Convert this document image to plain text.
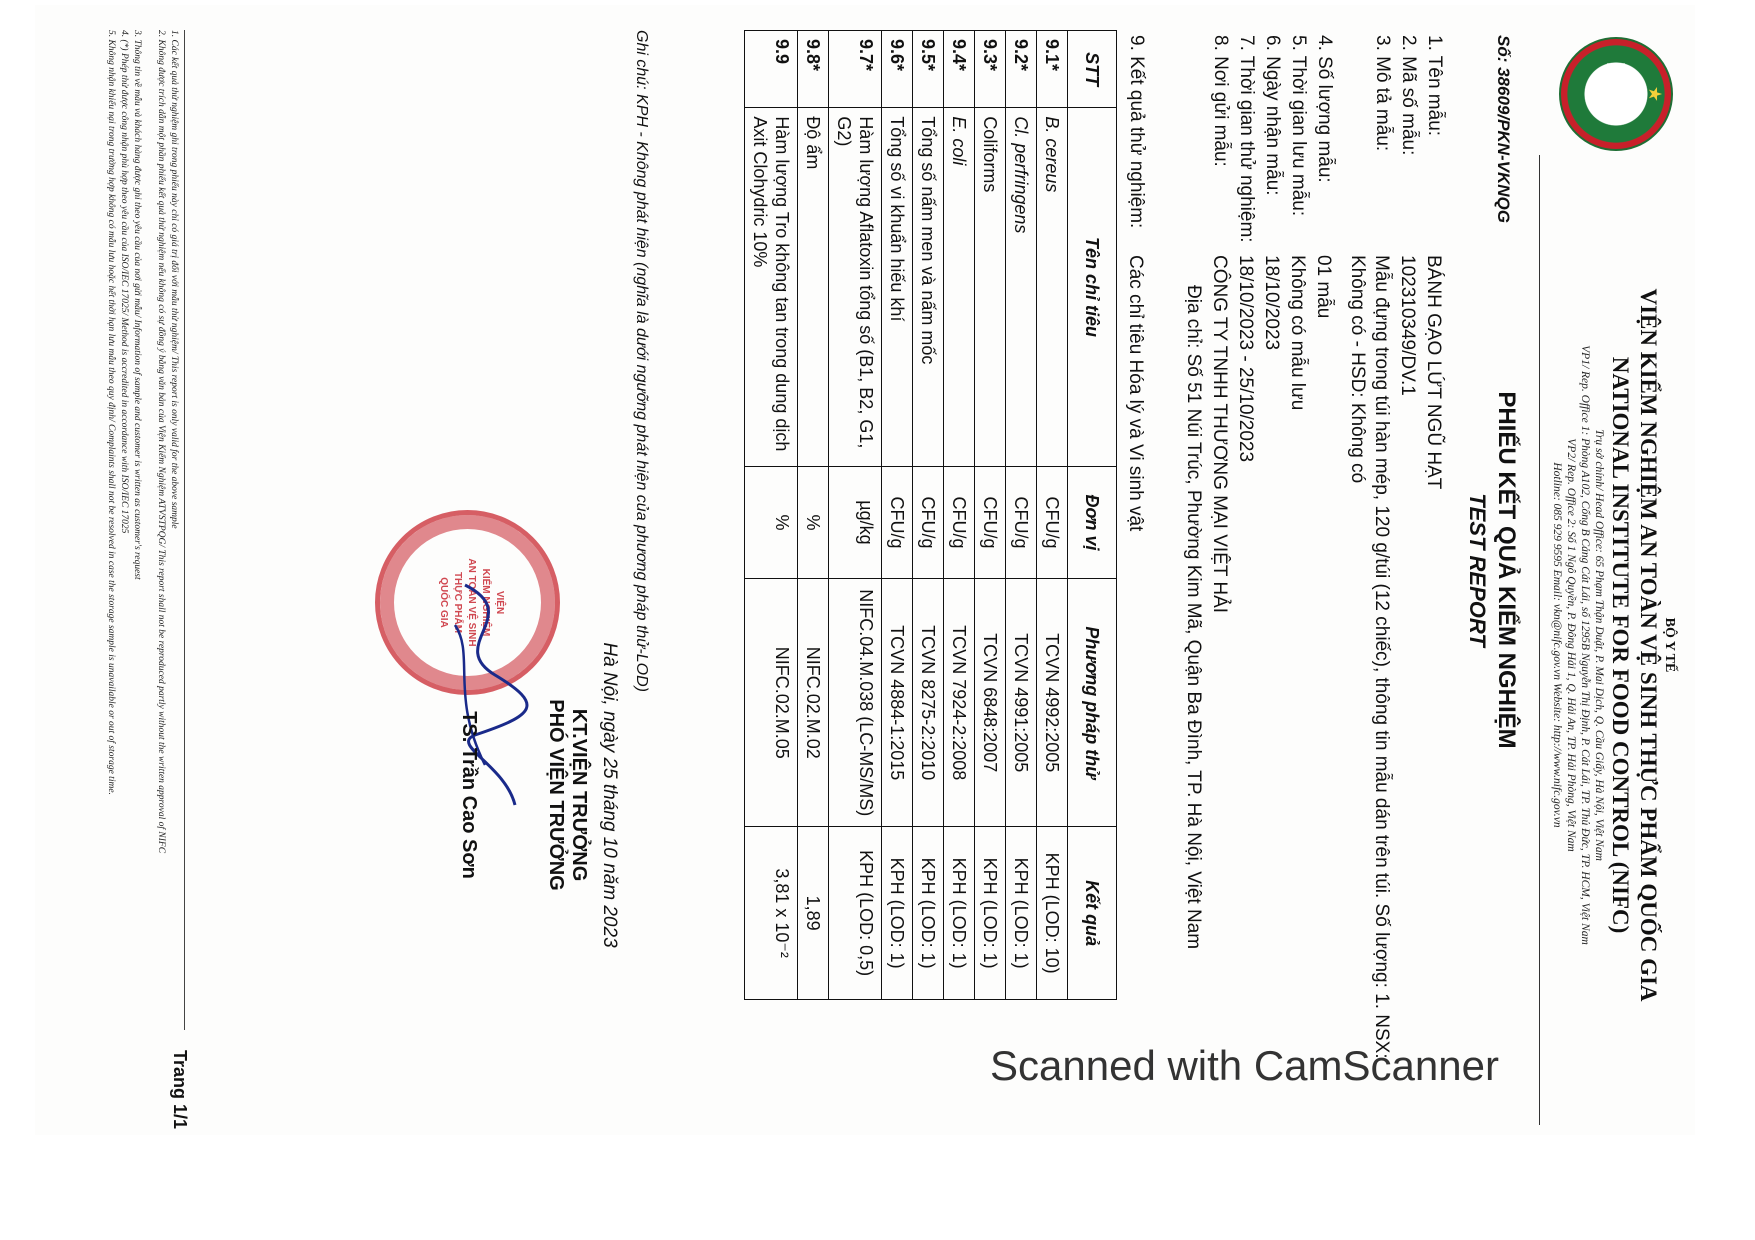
★
NIFC
BỘ Y TẾ
VIỆN KIỂM NGHIỆM AN TOÀN VỆ SINH THỰC PHẨM QUỐC GIA
NATIONAL INSTITUTE FOR FOOD CONTROL (NIFC)
Trụ sở chính/ Head Office: 65 Phạm Thận Duật, P. Mai Dịch, Q. Cầu Giấy, Hà Nội, Việt Nam
VP1/ Rep. Office 1: Phòng A102, Cổng B Cảng Cát Lái, số 1295B Nguyễn Thị Định, P. Cát Lái, TP. Thủ Đức, TP. HCM, Việt Nam
VP2/ Rep. Office 2: Số 1 Ngô Quyền, P. Đông Hải 1, Q. Hải An, TP. Hải Phòng, Việt Nam
Hotline: 085 929 9595 Email: vkn@nifc.gov.vn Website: http://www.nifc.gov.vn
Số: 38609/PKN-VKNQG
PHIẾU KẾT QUẢ KIỂM NGHIỆM
TEST REPORT
1. Tên mẫu:
BÁNH GẠO LỨT NGŨ HẠT
2. Mã số mẫu:
10231034​9/DV.1
3. Mô tả mẫu:
Mẫu đựng trong túi hàn mép, 120 g/túi (12 chiếc), thông tin mẫu dán trên túi. Số lượng: 1. NSX: Không có - HSD: Không có
4. Số lượng mẫu:
01 mẫu
5. Thời gian lưu mẫu:
Không có mẫu lưu
6. Ngày nhận mẫu:
18/10/2023
7. Thời gian thử nghiệm:
18/10/2023 - 25/10/2023
8. Nơi gửi mẫu:
CÔNG TY TNHH THƯƠNG MẠI VIỆT HẢI
Địa chỉ: Số 51 Núi Trúc, Phường Kim Mã, Quận Ba Đình, TP. Hà Nội, Việt Nam
9. Kết quả thử nghiệm:
Các chỉ tiêu Hóa lý và Vi sinh vật
STT	Tên chỉ tiêu	Đơn vị	Phương pháp thử	Kết quả
9.1*	B. cereus	CFU/g	TCVN 4992:2005	KPH (LOD: 10)
9.2*	Cl. perfringens	CFU/g	TCVN 4991:2005	KPH (LOD: 1)
9.3*	Coliforms	CFU/g	TCVN 6848:2007	KPH (LOD: 1)
9.4*	E. coli	CFU/g	TCVN 7924-2:2008	KPH (LOD: 1)
9.5*	Tổng số nấm men và nấm mốc	CFU/g	TCVN 8275-2:2010	KPH (LOD: 1)
9.6*	Tổng số vi khuẩn hiếu khí	CFU/g	TCVN 4884-1:2015	KPH (LOD: 1)
9.7*	Hàm lượng Aflatoxin tổng số (B1, B2, G1, G2)	µg/kg	NIFC.04.M.038 (LC-MS/MS)	KPH (LOD: 0,5)
9.8*	Độ ẩm	%	NIFC.02.M.02	1,89
9.9	Hàm lượng Tro không tan trong dung dịch Axit Clohydric 10%	%	NIFC.02.M.05	3,81 x 10⁻²
Ghi chú: KPH - Không phát hiện (nghĩa là dưới ngưỡng phát hiện của phương pháp thử-LOD)
Hà Nội, ngày 25 tháng 10 năm 2023
KT.VIỆN TRƯỞNG
PHÓ VIỆN TRƯỞNG
VIỆN
KIỂM NGHIỆM
AN TOÀN VỆ SINH
THỰC PHẨM
QUỐC GIA
TS. Trần Cao Sơn
1. Các kết quả thử nghiệm ghi trong phiếu này chỉ có giá trị đối với mẫu thử nghiệm/ This report is only valid for the above sample
2. Không được trích dẫn một phần phiếu kết quả thử nghiệm nếu không có sự đồng ý bằng văn bản của Viện Kiểm Nghiệm ATVSTPQG/ This report shall not be reproduced partly without the written approval of NIFC
3. Thông tin về mẫu và khách hàng được ghi theo yêu cầu của nơi gửi mẫu/ Information of sample and customer is written as customer's request
4. (*) Phép thử được công nhận phù hợp theo yêu cầu của ISO/IEC 17025/ Method is accredited in accordance with ISO/IEC 17025
5. Không nhận khiếu nại trong trường hợp không có mẫu lưu hoặc hết thời hạn lưu mẫu theo quy định/ Complaints shall not be resolved in case the storage sample is unavailable or out of storage time.
Trang 1/1	Scanned with CamScanner
